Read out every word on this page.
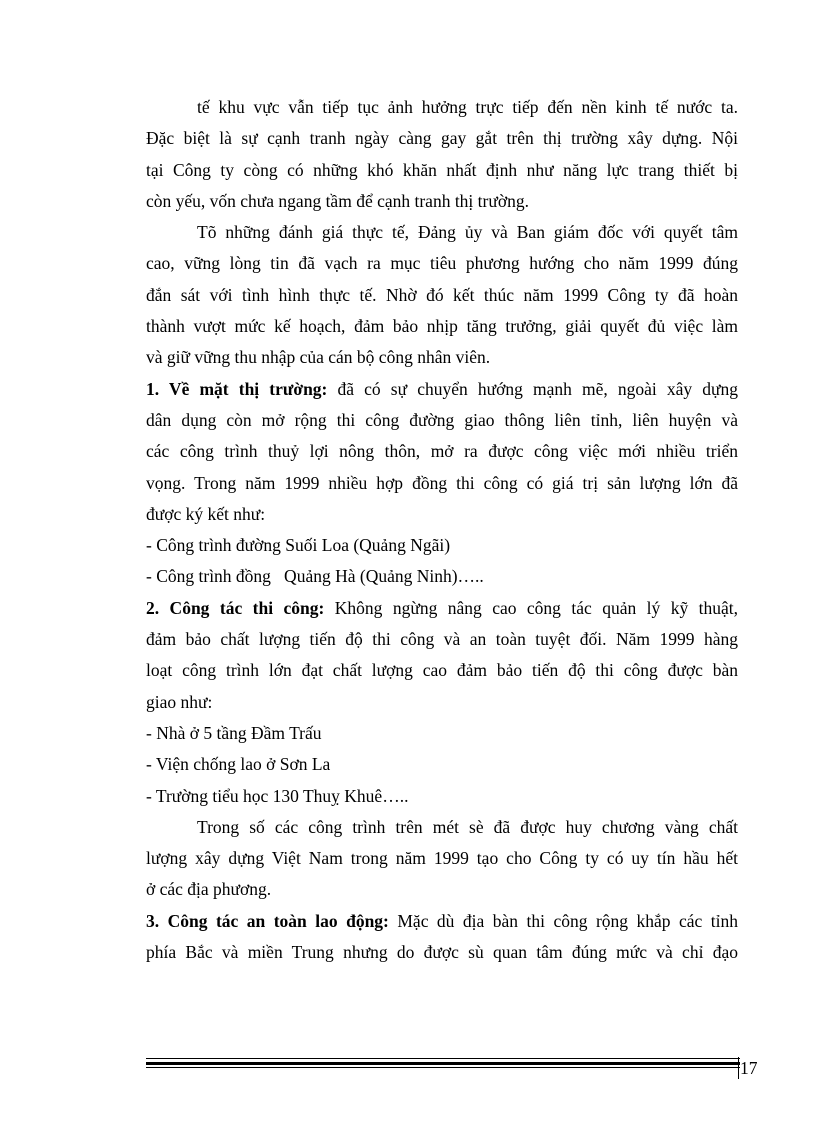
tế khu vực vẫn tiếp tục ảnh hưởng trực tiếp đến nền kinh tế nước ta.
Đặc biệt là sự cạnh tranh ngày càng gay gắt trên thị trường xây dựng. Nội
tại Công ty còng có những khó khăn nhất định như năng lực trang thiết bị
còn yếu, vốn chưa ngang tầm để cạnh tranh thị trường.
Tõ những đánh giá thực tế, Đảng ủy và Ban giám đốc với quyết tâm
cao, vững lòng tin đã vạch ra mục tiêu phương hướng cho năm 1999 đúng
đắn sát với tình hình thực tế. Nhờ đó kết thúc năm 1999 Công ty đã hoàn
thành vượt mức kế hoạch, đảm bảo nhịp tăng trưởng, giải quyết đủ việc làm
và giữ vững thu nhập của cán bộ công nhân viên.
1. Về mặt thị trường: đã có sự chuyển hướng mạnh mẽ, ngoài xây dựng
dân dụng còn mở rộng thi công đường giao thông liên tỉnh, liên huyện và
các công trình thuỷ lợi nông thôn, mở ra được công việc mới nhiều triển
vọng. Trong năm 1999 nhiều hợp đồng thi công có giá trị sản lượng lớn đã
được ký kết như:
- Công trình đường Suối Loa (Quảng Ngãi)
- Công trình đồng   Quảng Hà (Quảng Ninh)…..
2. Công tác thi công: Không ngừng nâng cao công tác quản lý kỹ thuật,
đảm bảo chất lượng tiến độ thi công và an toàn tuyệt đối. Năm 1999 hàng
loạt công trình lớn đạt chất lượng cao đảm bảo tiến độ thi công được bàn
giao như:
- Nhà ở 5 tầng Đầm Trấu
- Viện chống lao ở Sơn La
- Trường tiểu học 130 Thuỵ Khuê…..
Trong số các công trình trên mét sè đã được huy chương vàng chất
lượng xây dựng Việt Nam trong năm 1999 tạo cho Công ty có uy tín hầu hết
ở các địa phương.
3. Công tác an toàn lao động: Mặc dù địa bàn thi công rộng khắp các tỉnh
phía Bắc và miền Trung nhưng do được sù quan tâm đúng mức và chỉ đạo
17
